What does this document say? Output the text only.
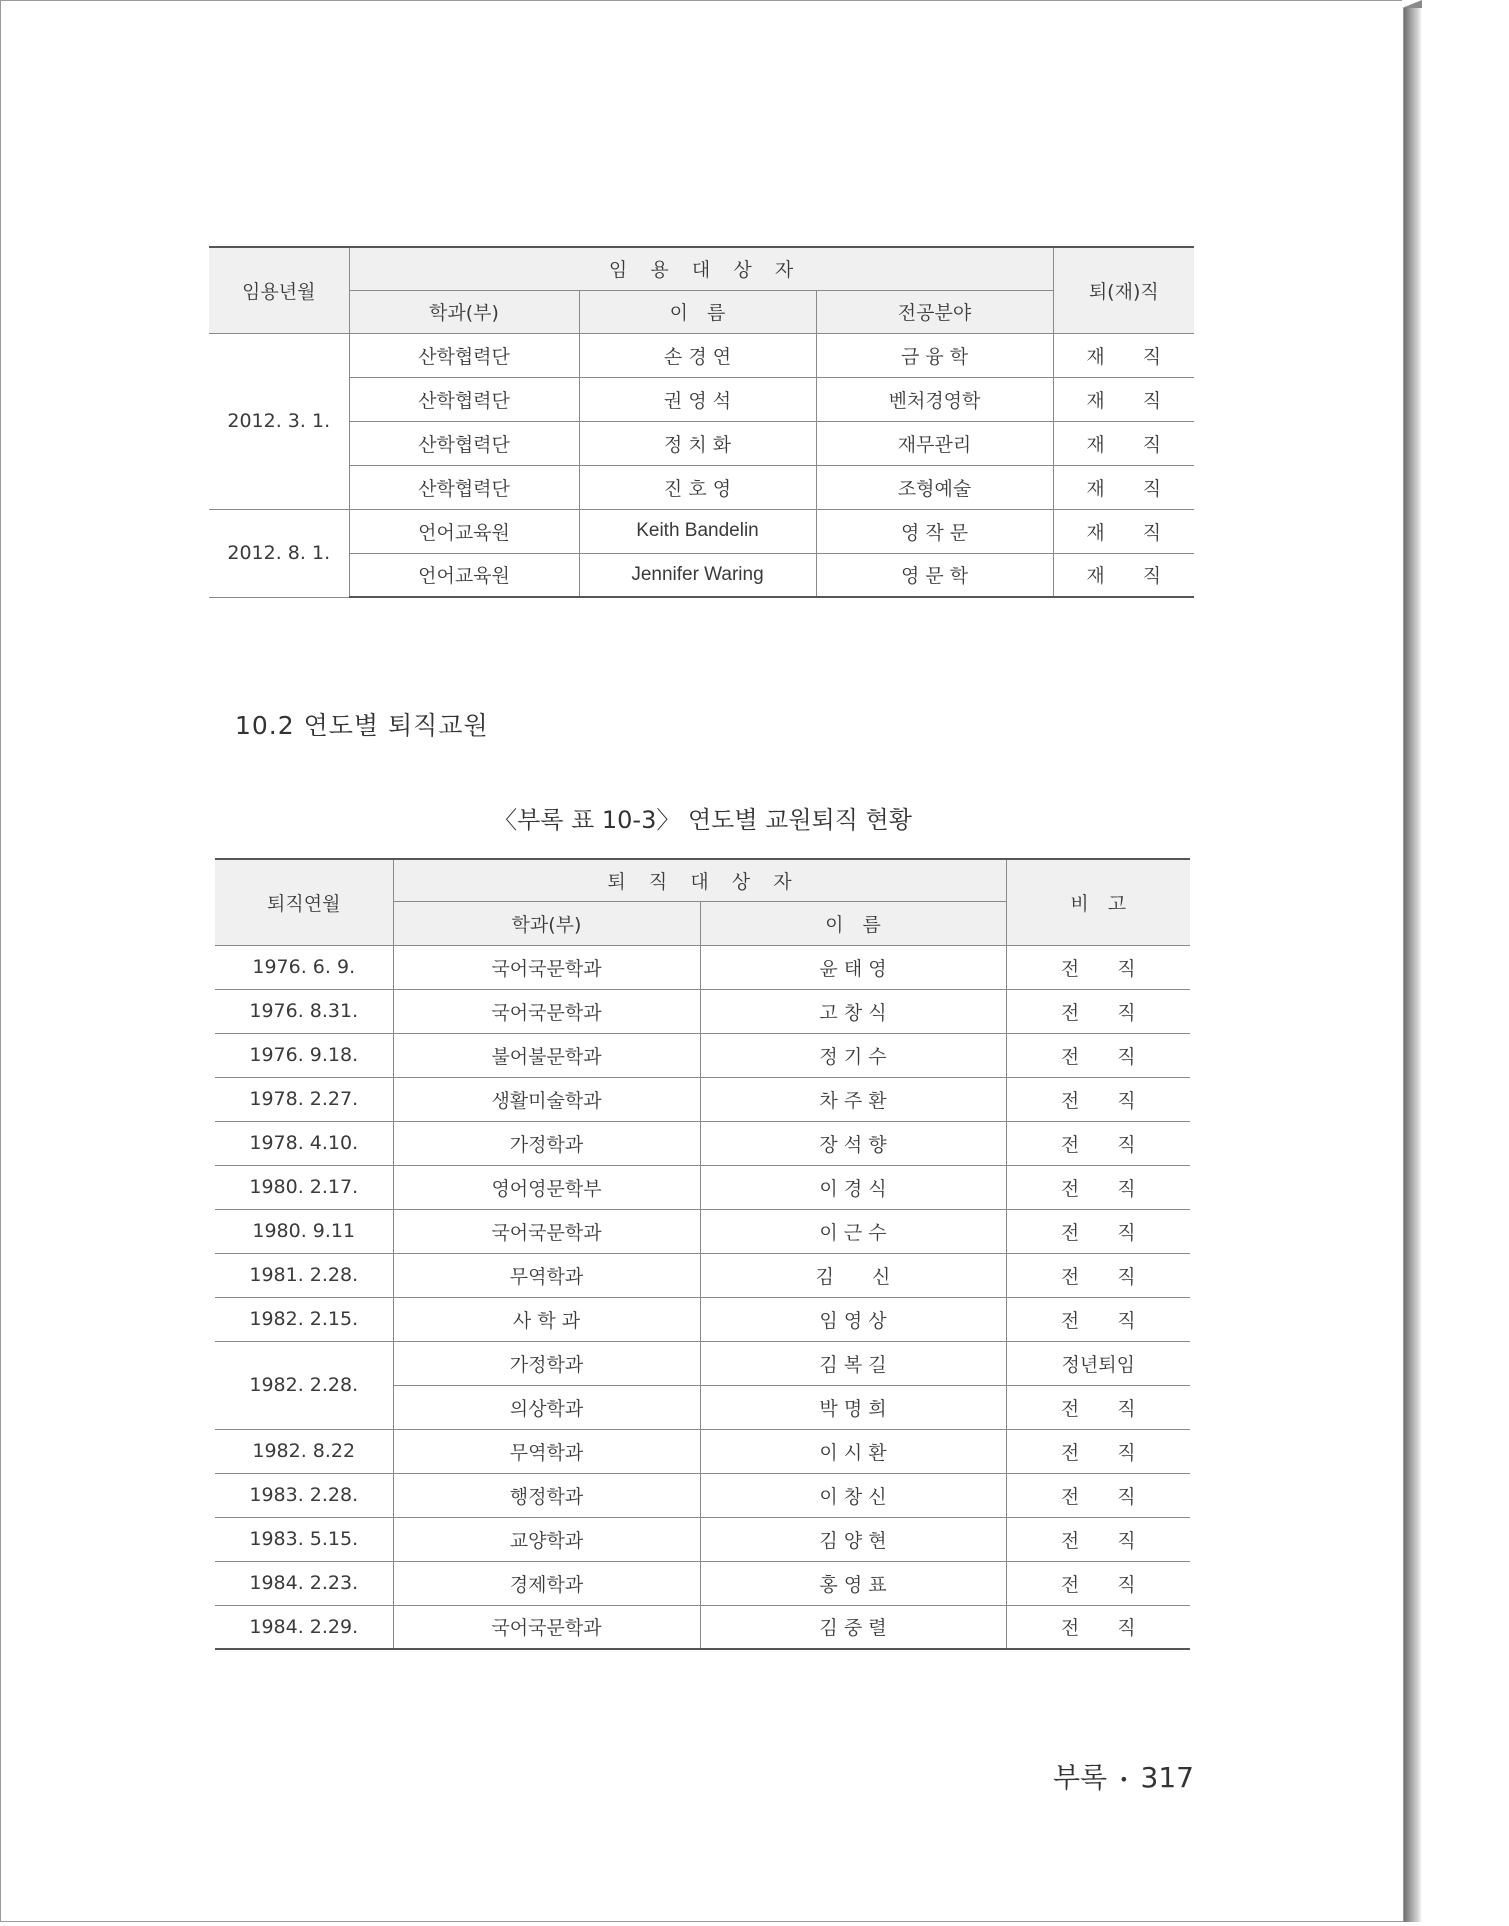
임용년월	임 용 대 상 자			퇴(재)직
	학과(부)	이　름	전공분야	
2012. 3. 1.	산학협력단	손 경 연	금 융 학	재　　직
	산학협력단	권 영 석	벤처경영학	재　　직
	산학협력단	정 치 화	재무관리	재　　직
	산학협력단	진 호 영	조형예술	재　　직
2012. 8. 1.	언어교육원	Keith Bandelin	영 작 문	재　　직
	언어교육원	Jennifer Waring	영 문 학	재　　직
10.2 연도별 퇴직교원
〈부록 표 10-3〉 연도별 교원퇴직 현황
퇴직연월	퇴 직 대 상 자		비　고
	학과(부)	이　름	
1976. 6. 9.	국어국문학과	윤 태 영	전　　직
1976. 8.31.	국어국문학과	고 창 식	전　　직
1976. 9.18.	불어불문학과	정 기 수	전　　직
1978. 2.27.	생활미술학과	차 주 환	전　　직
1978. 4.10.	가정학과	장 석 향	전　　직
1980. 2.17.	영어영문학부	이 경 식	전　　직
1980. 9.11	국어국문학과	이 근 수	전　　직
1981. 2.28.	무역학과	김　　신	전　　직
1982. 2.15.	사 학 과	임 영 상	전　　직
1982. 2.28.	가정학과	김 복 길	정년퇴임
	의상학과	박 명 희	전　　직
1982. 8.22	무역학과	이 시 환	전　　직
1983. 2.28.	행정학과	이 창 신	전　　직
1983. 5.15.	교양학과	김 양 현	전　　직
1984. 2.23.	경제학과	홍 영 표	전　　직
1984. 2.29.	국어국문학과	김 중 렬	전　　직
부록 • 317
